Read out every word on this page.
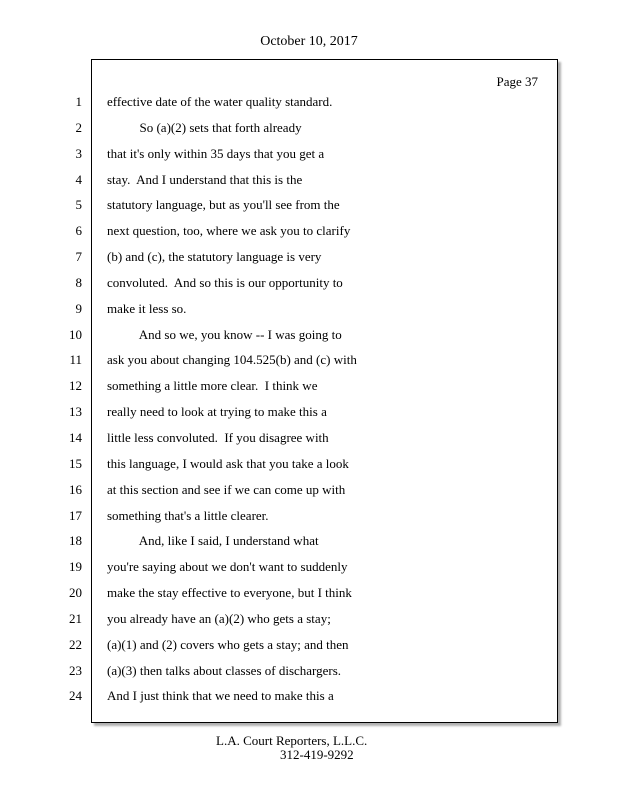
October 10, 2017
Page 37
1
2
3
4
5
6
7
8
9
10
11
12
13
14
15
16
17
18
19
20
21
22
23
24
effective date of the water quality standard.
So (a)(2) sets that forth already
that it's only within 35 days that you get a
stay.  And I understand that this is the
statutory language, but as you'll see from the
next question, too, where we ask you to clarify
(b) and (c), the statutory language is very
convoluted.  And so this is our opportunity to
make it less so.
And so we, you know -- I was going to
ask you about changing 104.525(b) and (c) with
something a little more clear.  I think we
really need to look at trying to make this a
little less convoluted.  If you disagree with
this language, I would ask that you take a look
at this section and see if we can come up with
something that's a little clearer.
And, like I said, I understand what
you're saying about we don't want to suddenly
make the stay effective to everyone, but I think
you already have an (a)(2) who gets a stay;
(a)(1) and (2) covers who gets a stay; and then
(a)(3) then talks about classes of dischargers.
And I just think that we need to make this a
L.A. Court Reporters, L.L.C.
312-419-9292
